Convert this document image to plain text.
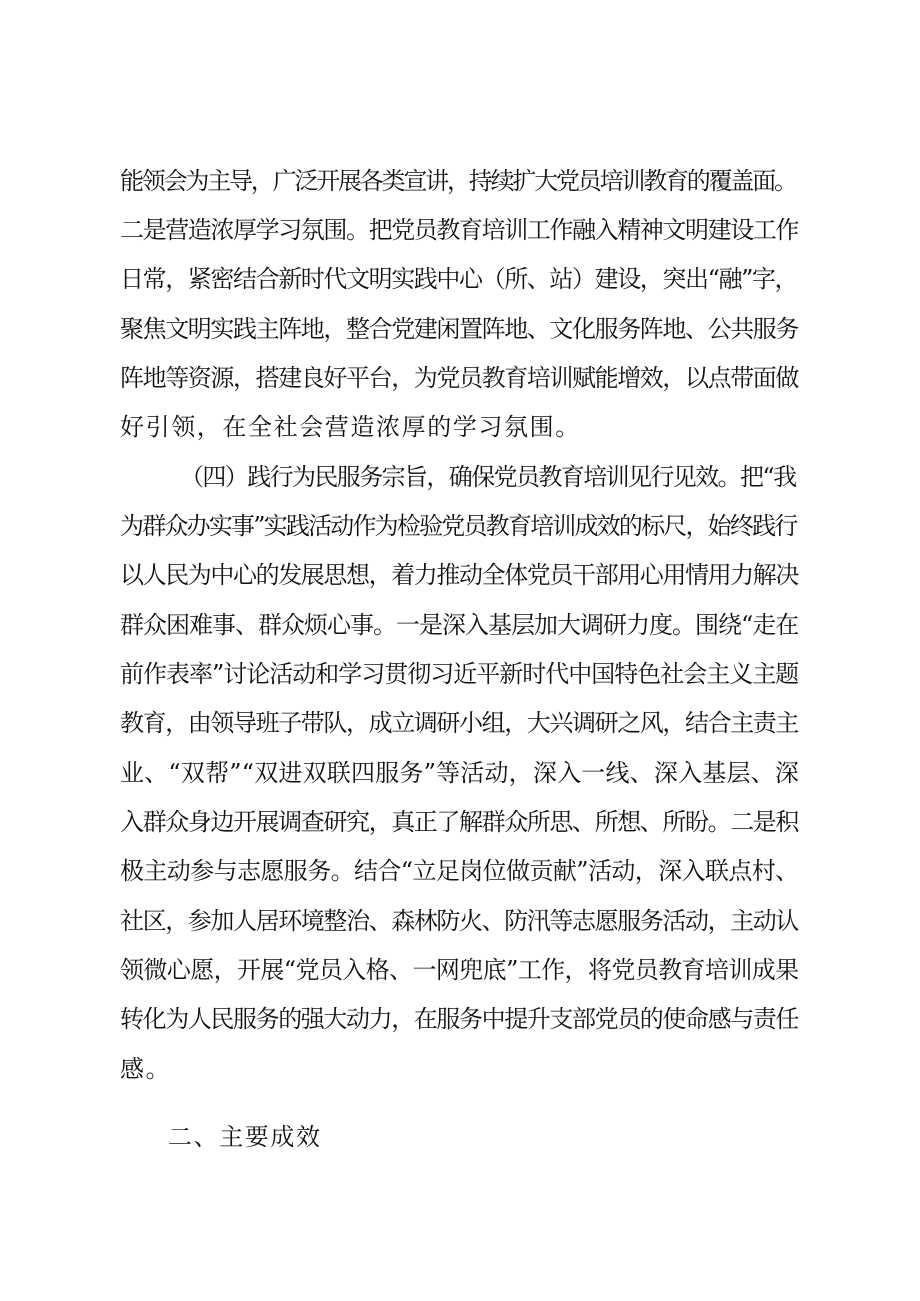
能领会为主导，广泛开展各类宣讲，持续扩大党员培训教育的覆盖面。
二是营造浓厚学习氛围。把党员教育培训工作融入精神文明建设工作
日常，紧密结合新时代文明实践中心（所、站）建设，突出“融”字，
聚焦文明实践主阵地，整合党建闲置阵地、文化服务阵地、公共服务
阵地等资源，搭建良好平台，为党员教育培训赋能增效，以点带面做
好引领，在全社会营造浓厚的学习氛围。
（四）践行为民服务宗旨，确保党员教育培训见行见效。把“我
为群众办实事”实践活动作为检验党员教育培训成效的标尺，始终践行
以人民为中心的发展思想，着力推动全体党员干部用心用情用力解决
群众困难事、群众烦心事。一是深入基层加大调研力度。围绕“走在
前作表率”讨论活动和学习贯彻习近平新时代中国特色社会主义主题
教育，由领导班子带队，成立调研小组，大兴调研之风，结合主责主
业、“双帮”“双进双联四服务”等活动，深入一线、深入基层、深
入群众身边开展调查研究，真正了解群众所思、所想、所盼。二是积
极主动参与志愿服务。结合“立足岗位做贡献”活动，深入联点村、
社区，参加人居环境整治、森林防火、防汛等志愿服务活动，主动认
领微心愿，开展“党员入格、一网兜底”工作，将党员教育培训成果
转化为人民服务的强大动力，在服务中提升支部党员的使命感与责任
感。
二、主要成效
